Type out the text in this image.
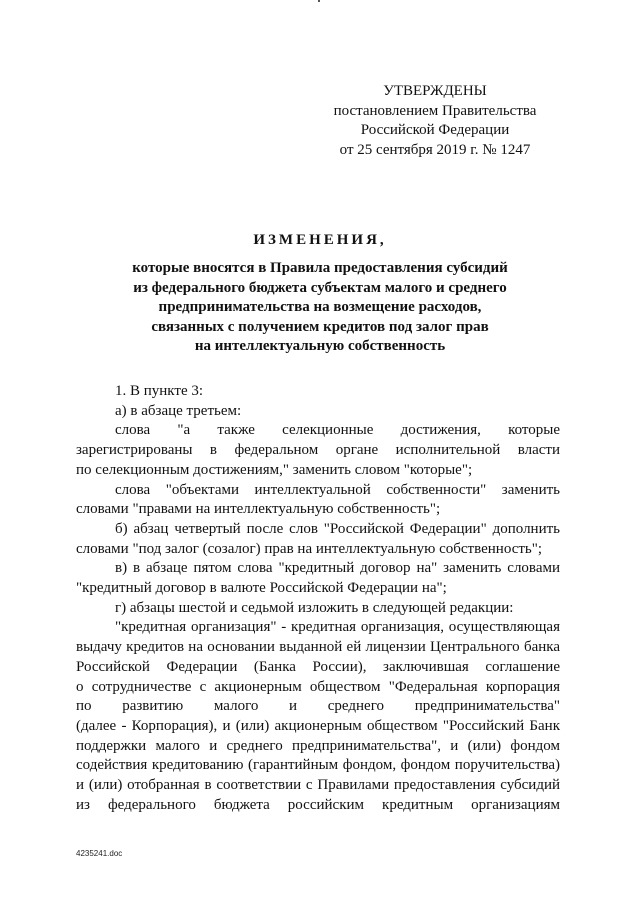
УТВЕРЖДЕНЫ
постановлением Правительства
Российской Федерации
от 25 сентября 2019 г. № 1247
ИЗМЕНЕНИЯ,
которые вносятся в Правила предоставления субсидий
из федерального бюджета субъектам малого и среднего
предпринимательства на возмещение расходов,
связанных с получением кредитов под залог прав
на интеллектуальную собственность

1. В пункте 3:

а) в абзаце третьем:

слова "а также селекционные достижения, которые

зарегистрированы в федеральном органе исполнительной власти

по селекционным достижениям," заменить словом "которые";

слова "объектами интеллектуальной собственности" заменить

словами "правами на интеллектуальную собственность";

б) абзац четвертый после слов "Российской Федерации" дополнить

словами "под залог (созалог) прав на интеллектуальную собственность";

в) в абзаце пятом слова "кредитный договор на" заменить словами

"кредитный договор в валюте Российской Федерации на";

г) абзацы шестой и седьмой изложить в следующей редакции:

"кредитная организация" - кредитная организация, осуществляющая

выдачу кредитов на основании выданной ей лицензии Центрального банка

Российской Федерации (Банка России), заключившая соглашение

о сотрудничестве с акционерным обществом "Федеральная корпорация

по развитию малого и среднего предпринимательства"

(далее - Корпорация), и (или) акционерным обществом "Российский Банк

поддержки малого и среднего предпринимательства", и (или) фондом

содействия кредитованию (гарантийным фондом, фондом поручительства)

и (или) отобранная в соответствии с Правилами предоставления субсидий

из федерального бюджета российским кредитным организациям

4235241.doc
